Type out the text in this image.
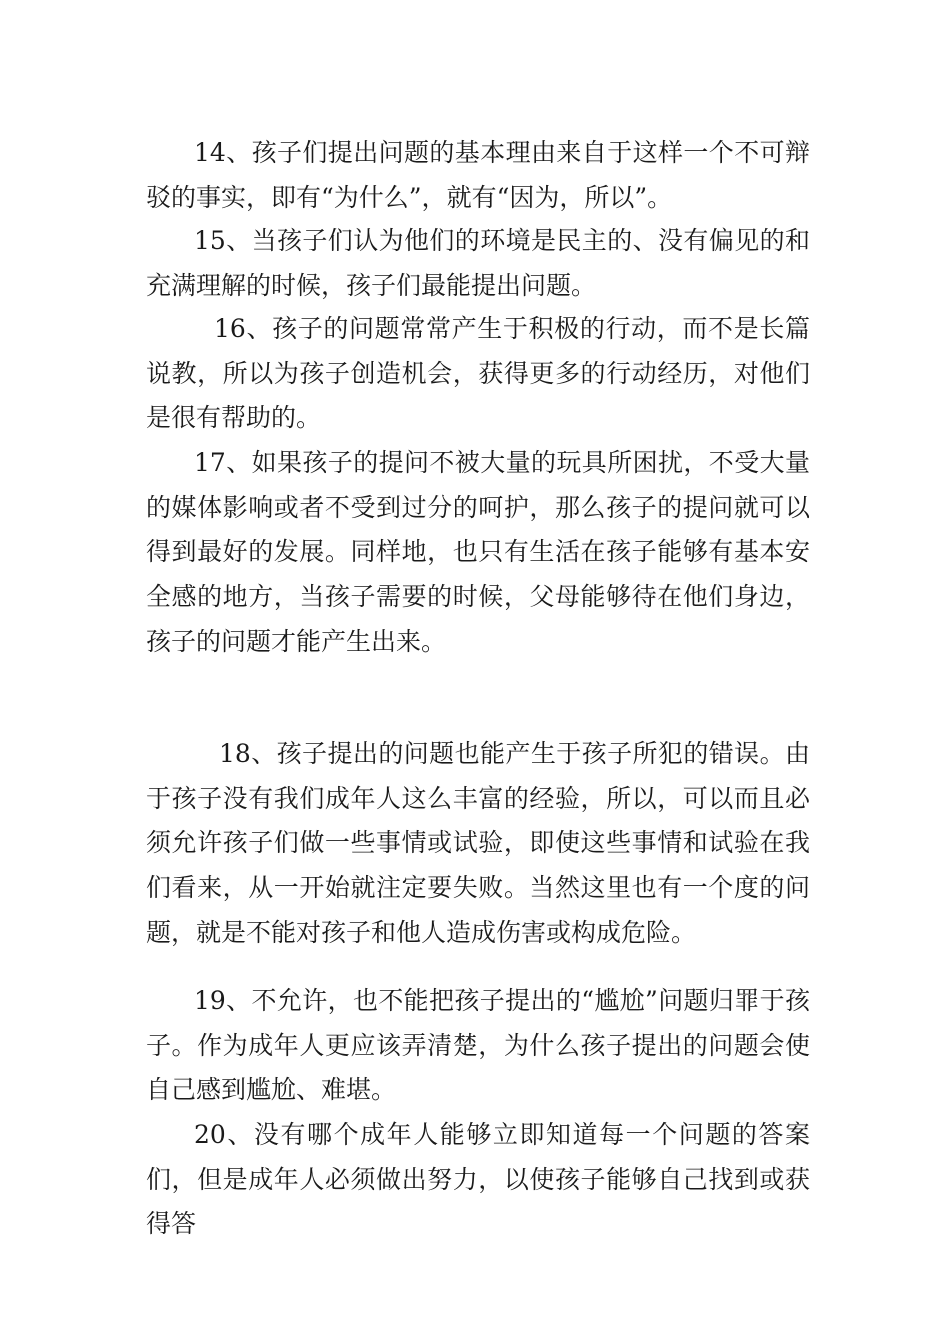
14、孩子们提出问题的基本理由来自于这样一个不可辩驳的事实，即有“为什么”，就有“因为，所以”。

15、当孩子们认为他们的环境是民主的、没有偏见的和充满理解的时候，孩子们最能提出问题。

16、孩子的问题常常产生于积极的行动，而不是长篇说教，所以为孩子创造机会，获得更多的行动经历，对他们是很有帮助的。

17、如果孩子的提问不被大量的玩具所困扰，不受大量的媒体影响或者不受到过分的呵护，那么孩子的提问就可以得到最好的发展。同样地，也只有生活在孩子能够有基本安全感的地方，当孩子需要的时候，父母能够待在他们身边，孩子的问题才能产生出来。

18、孩子提出的问题也能产生于孩子所犯的错误。由于孩子没有我们成年人这么丰富的经验，所以，可以而且必须允许孩子们做一些事情或试验，即使这些事情和试验在我们看来，从一开始就注定要失败。当然这里也有一个度的问题，就是不能对孩子和他人造成伤害或构成危险。

19、不允许，也不能把孩子提出的“尴尬”问题归罪于孩子。作为成年人更应该弄清楚，为什么孩子提出的问题会使自己感到尴尬、难堪。

20、没有哪个成年人能够立即知道每一个问题的答案们，但是成年人必须做出努力，以使孩子能够自己找到或获得答
